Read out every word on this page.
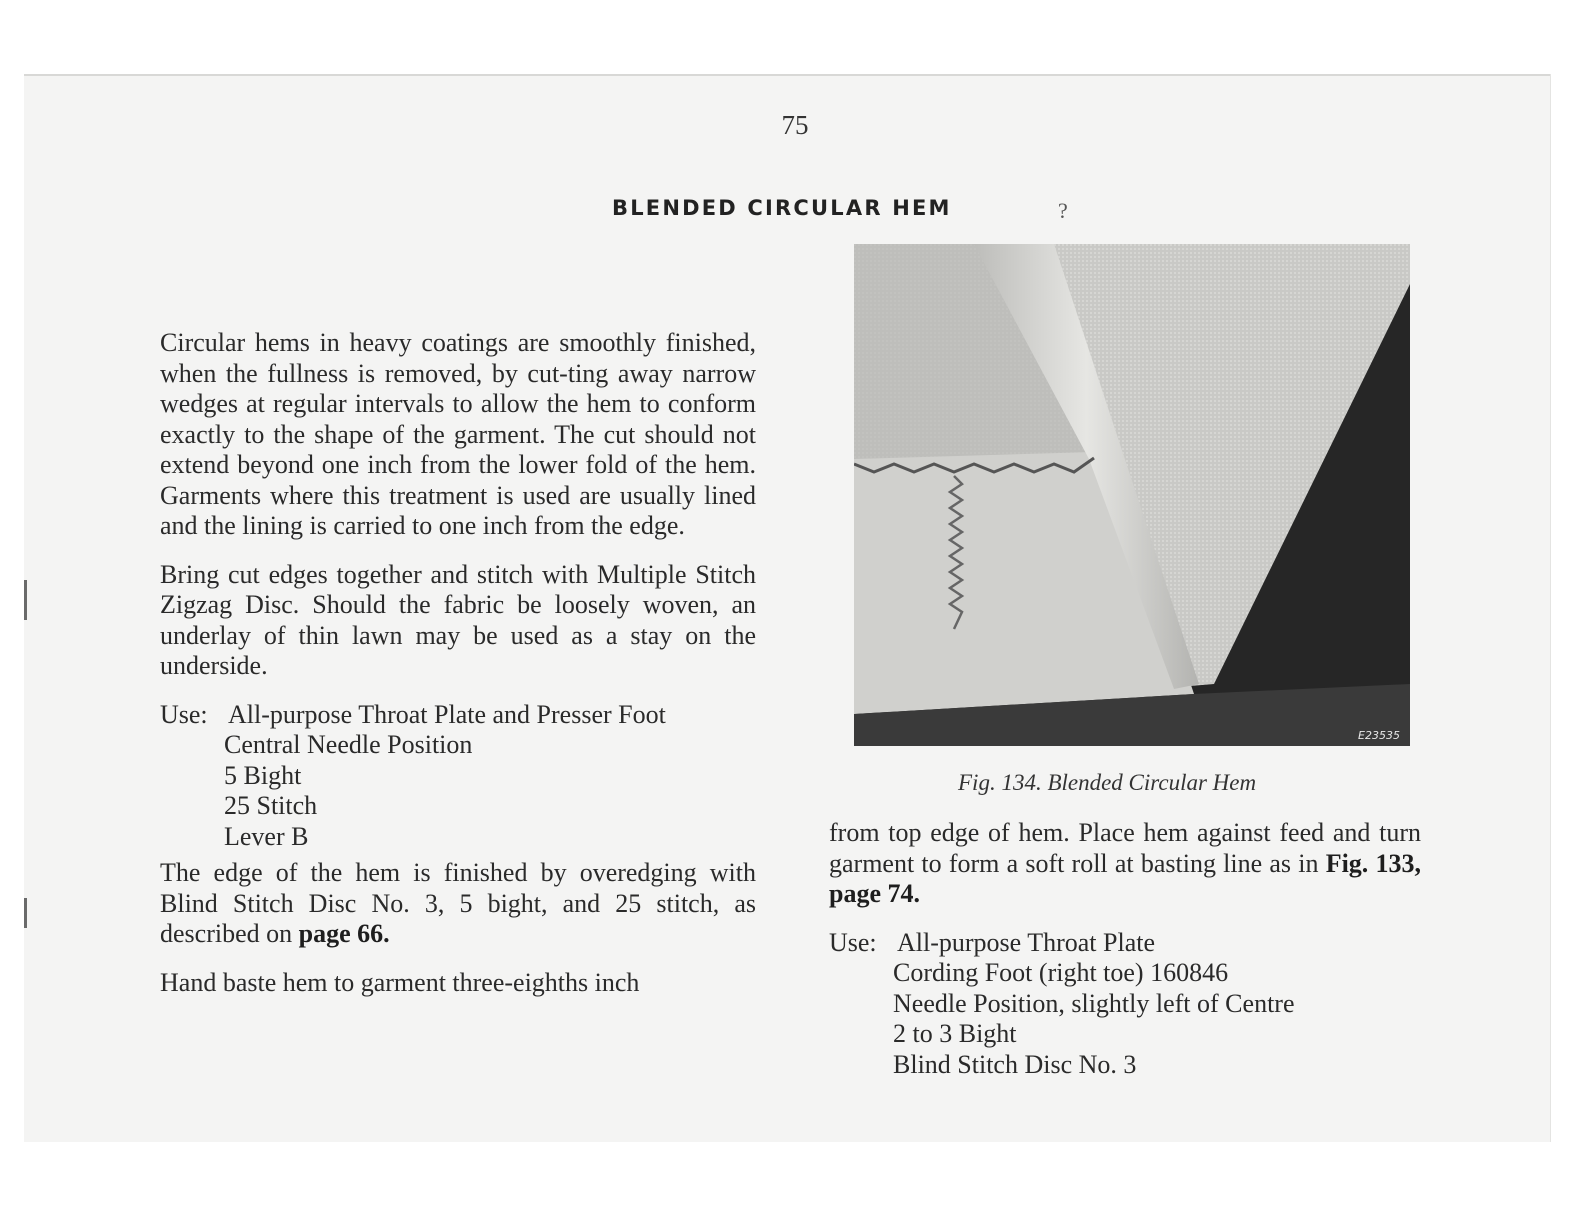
75
BLENDED CIRCULAR HEM	?

Circular hems in heavy coatings are smoothly finished, when the fullness is removed, by cut-ting away narrow wedges at regular intervals to allow the hem to conform exactly to the shape of the garment. The cut should not extend beyond one inch from the lower fold of the hem. Garments where this treatment is used are usually lined and the lining is carried to one inch from the edge.

Bring cut edges together and stitch with Multiple Stitch Zigzag Disc. Should the fabric be loosely woven, an underlay of thin lawn may be used as a stay on the underside.

Use: All-purpose Throat Plate and Presser Foot
Central Needle Position
5 Bight
25 Stitch
Lever B

The edge of the hem is finished by overedging with Blind Stitch Disc No. 3, 5 bight, and 25 stitch, as described on page 66.

Hand baste hem to garment three-eighths inch

E23535
Fig. 134. Blended Circular Hem

from top edge of hem. Place hem against feed and turn garment to form a soft roll at basting line as in Fig. 133, page 74.

Use: All-purpose Throat Plate
Cording Foot (right toe) 160846
Needle Position, slightly left of Centre
2 to 3 Bight
Blind Stitch Disc No. 3
